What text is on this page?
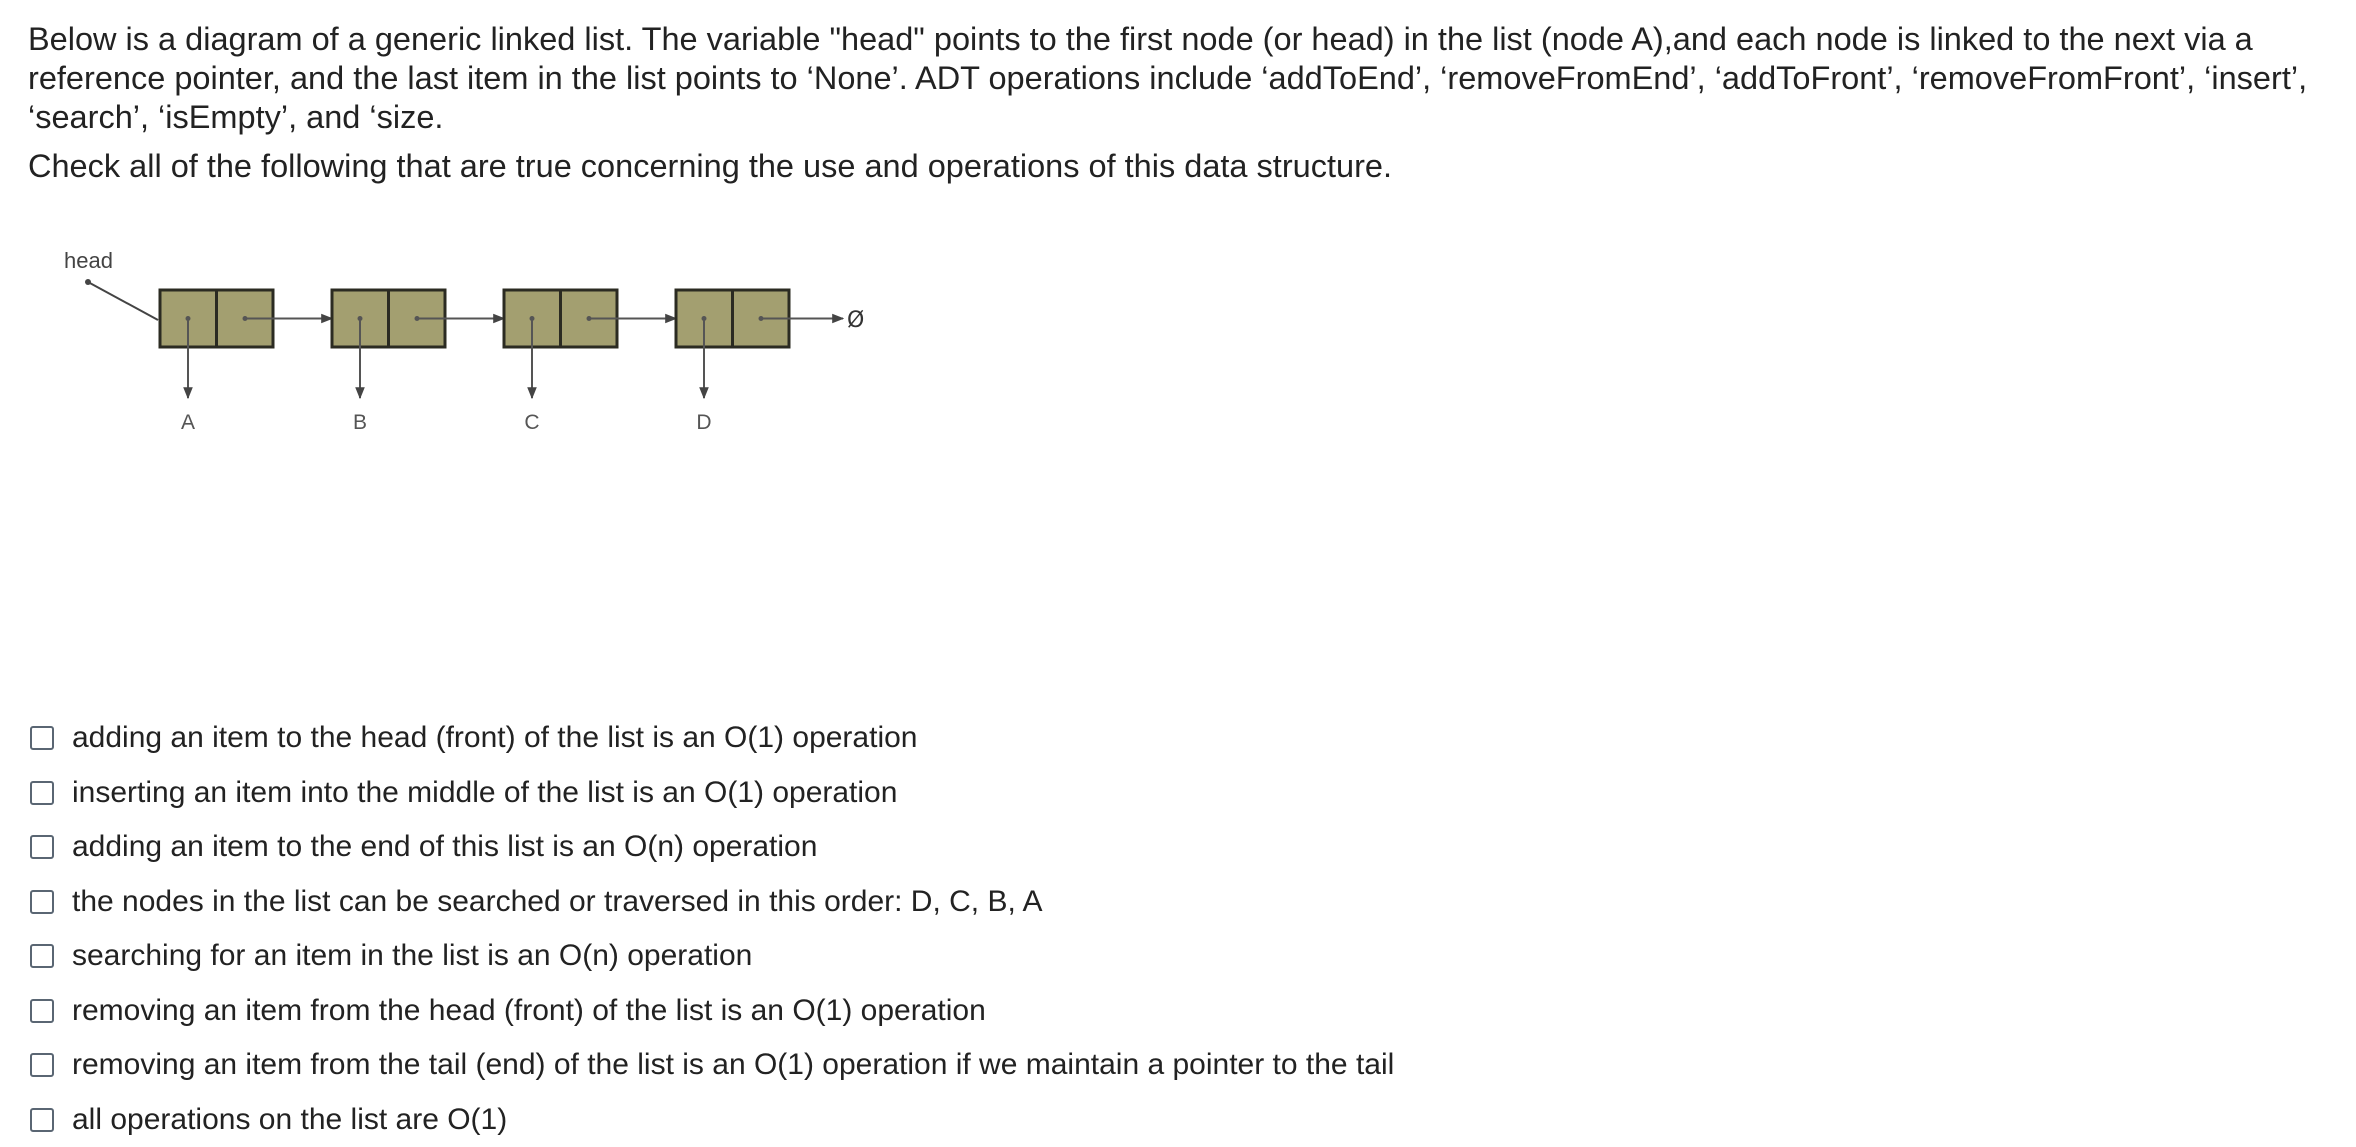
Below is a diagram of a generic linked list. The variable "head" points to the first node (or head) in the list (node A),and each node is linked to the next via a reference pointer, and the last item in the list points to ‘None’. ADT operations include ‘addToEnd’, ‘removeFromEnd’, ‘addToFront’, ‘removeFromFront’, ‘insert’, ‘search’, ‘isEmpty’, and ‘size.

Check all of the following that are true concerning the use and operations of this data structure.

head
Ø
A	B	C	D
adding an item to the head (front) of the list is an O(1) operation
inserting an item into the middle of the list is an O(1) operation
adding an item to the end of this list is an O(n) operation
the nodes in the list can be searched or traversed in this order: D, C, B, A
searching for an item in the list is an O(n) operation
removing an item from the head (front) of the list is an O(1) operation
removing an item from the tail (end) of the list is an O(1) operation if we maintain a pointer to the tail
all operations on the list are O(1)
